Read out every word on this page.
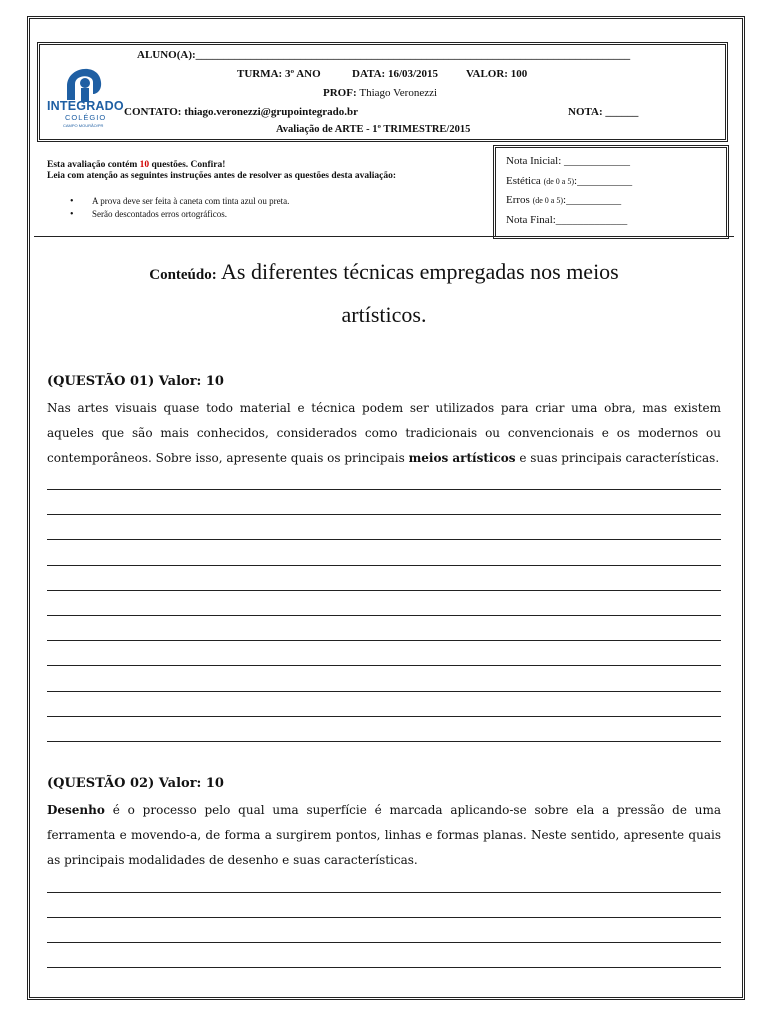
INTEGRADO
COLÉGIO
CAMPO MOURÃO/PR
ALUNO(A):_______________________________________________________________________________
TURMA: 3º ANO	DATA: 16/03/2015	VALOR: 100
PROF: Thiago Veronezzi
CONTATO: thiago.veronezzi@grupointegrado.br	NOTA: ______
Avaliação de ARTE - 1º TRIMESTRE/2015
Nota Inicial: ____________
Estética (de 0 a 5):__________
Erros (de 0 a 5):__________
Nota Final:_____________
Esta avaliação contém 10 questões. Confira!
Leia com atenção as seguintes instruções antes de resolver as questões desta avaliação:
• A prova deve ser feita à caneta com tinta azul ou preta.
• Serão descontados erros ortográficos.
Conteúdo: As diferentes técnicas empregadas nos meios
artísticos.
(QUESTÃO 01) Valor: 10
Nas artes visuais quase todo material e técnica podem ser utilizados para criar uma obra, mas existem aqueles que são mais conhecidos, considerados como tradicionais ou convencionais e os modernos ou contemporâneos. Sobre isso, apresente quais os principais meios artísticos e suas principais características.
(QUESTÃO 02) Valor: 10
Desenho é o processo pelo qual uma superfície é marcada aplicando-se sobre ela a pressão de uma ferramenta e movendo-a, de forma a surgirem pontos, linhas e formas planas. Neste sentido, apresente quais as principais modalidades de desenho e suas características.
